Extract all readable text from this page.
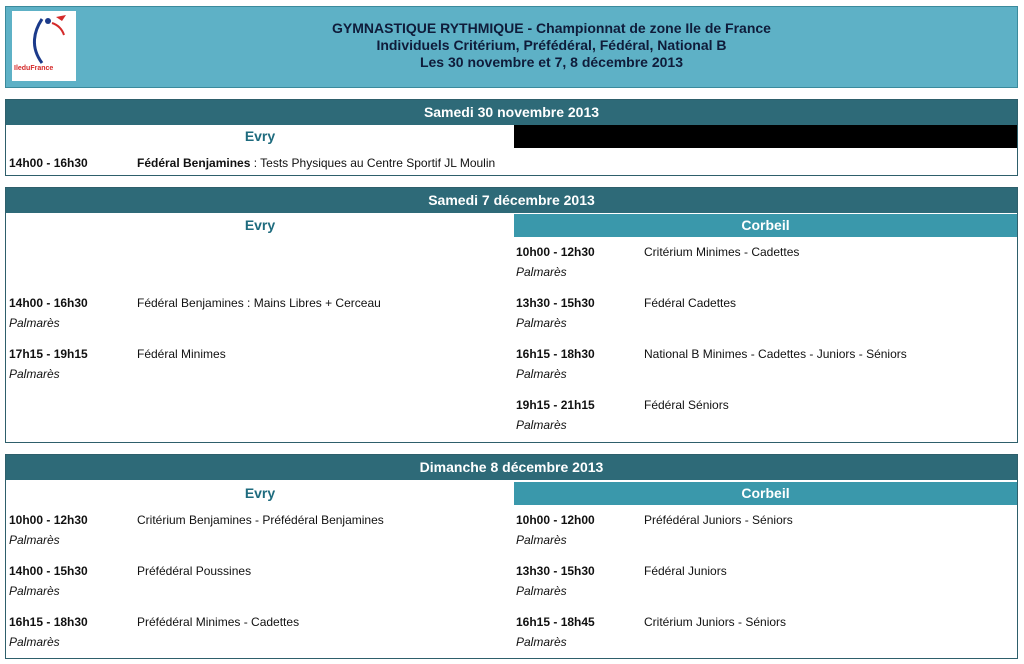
IleduFrance
GYMNASTIQUE RYTHMIQUE - Championnat de zone Ile de France
Individuels Critérium, Préfédéral, Fédéral, National B
Les 30 novembre et 7, 8 décembre 2013
Samedi 30 novembre 2013
Evry
14h00 - 16h30	Fédéral Benjamines : Tests Physiques au Centre Sportif JL Moulin
Samedi 7 décembre 2013
Evry	Corbeil
14h00 - 16h30	Fédéral Benjamines : Mains Libres + Cerceau
Palmarès
17h15 - 19h15	Fédéral Minimes
Palmarès
10h00 - 12h30	Critérium Minimes - Cadettes
Palmarès
13h30 - 15h30	Fédéral Cadettes
Palmarès
16h15 - 18h30	National B Minimes - Cadettes - Juniors - Séniors
Palmarès
19h15 - 21h15	Fédéral Séniors
Palmarès
Dimanche 8 décembre 2013
Evry	Corbeil
10h00 - 12h30	Critérium Benjamines - Préfédéral Benjamines
Palmarès
14h00 - 15h30	Préfédéral Poussines
Palmarès
16h15 - 18h30	Préfédéral Minimes - Cadettes
Palmarès
10h00 - 12h00	Préfédéral Juniors - Séniors
Palmarès
13h30 - 15h30	Fédéral Juniors
Palmarès
16h15 - 18h45	Critérium Juniors - Séniors
Palmarès
